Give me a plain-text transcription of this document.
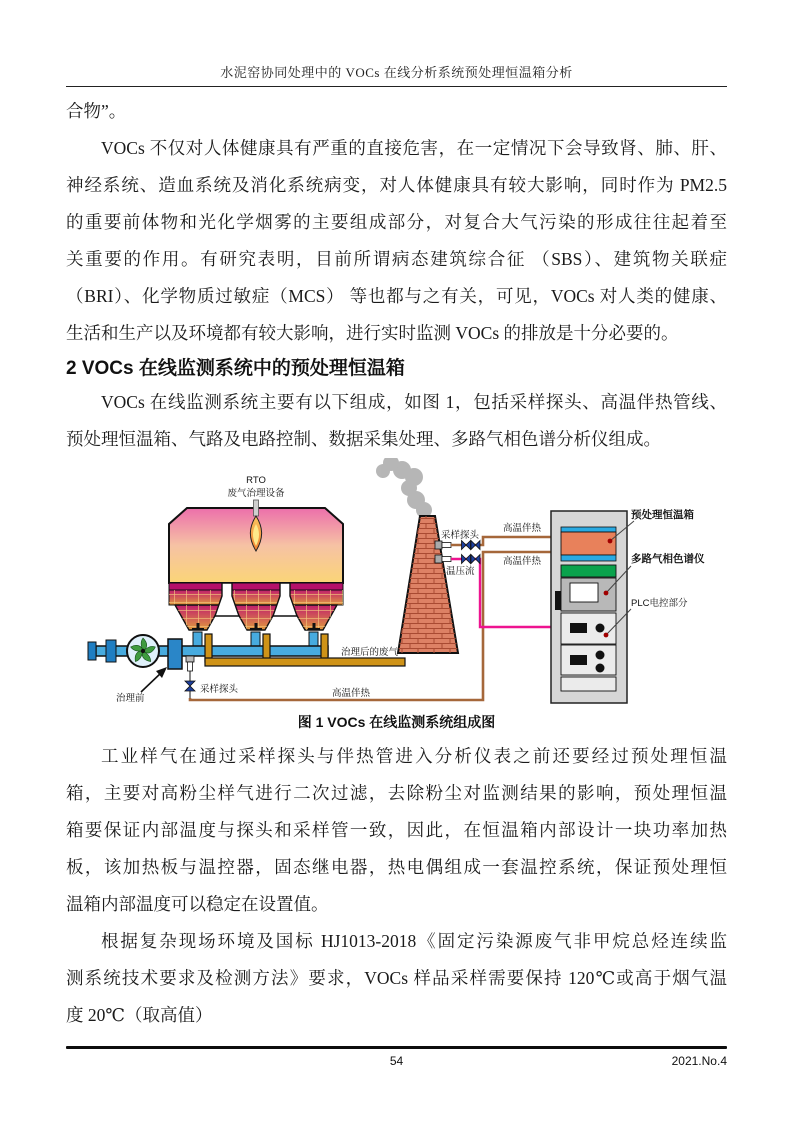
水泥窑协同处理中的 VOCs 在线分析系统预处理恒温箱分析
合物”。
VOCs 不仅对人体健康具有严重的直接危害，在一定情况下会导致肾、肺、肝、
神经系统、造血系统及消化系统病变，对人体健康具有较大影响，同时作为 PM2.5
的重要前体物和光化学烟雾的主要组成部分，对复合大气污染的形成往往起着至
关重要的作用。有研究表明，目前所谓病态建筑综合征 （SBS）、建筑物关联症
（BRI）、化学物质过敏症（MCS） 等也都与之有关，可见，VOCs 对人类的健康、
生活和生产以及环境都有较大影响，进行实时监测 VOCs 的排放是十分必要的。
2 VOCs 在线监测系统中的预处理恒温箱
VOCs 在线监测系统主要有以下组成，如图 1，包括采样探头、高温伴热管线、
预处理恒温箱、气路及电路控制、数据采集处理、多路气相色谱分析仪组成。
RTO
废气治理设备
治理前
采样探头
治理后的废气
高温伴热
采样探头
温压流
高温伴热
高温伴热
预处理恒温箱
多路气相色谱仪
PLC电控部分
图 1 VOCs 在线监测系统组成图
工业样气在通过采样探头与伴热管进入分析仪表之前还要经过预处理恒温
箱，主要对高粉尘样气进行二次过滤，去除粉尘对监测结果的影响，预处理恒温
箱要保证内部温度与探头和采样管一致，因此，在恒温箱内部设计一块功率加热
板，该加热板与温控器，固态继电器，热电偶组成一套温控系统，保证预处理恒
温箱内部温度可以稳定在设置值。
根据复杂现场环境及国标 HJ1013-2018《固定污染源废气非甲烷总烃连续监
测系统技术要求及检测方法》要求，VOCs 样品采样需要保持 120℃或高于烟气温
度 20℃（取高值）
54	2021.No.4
